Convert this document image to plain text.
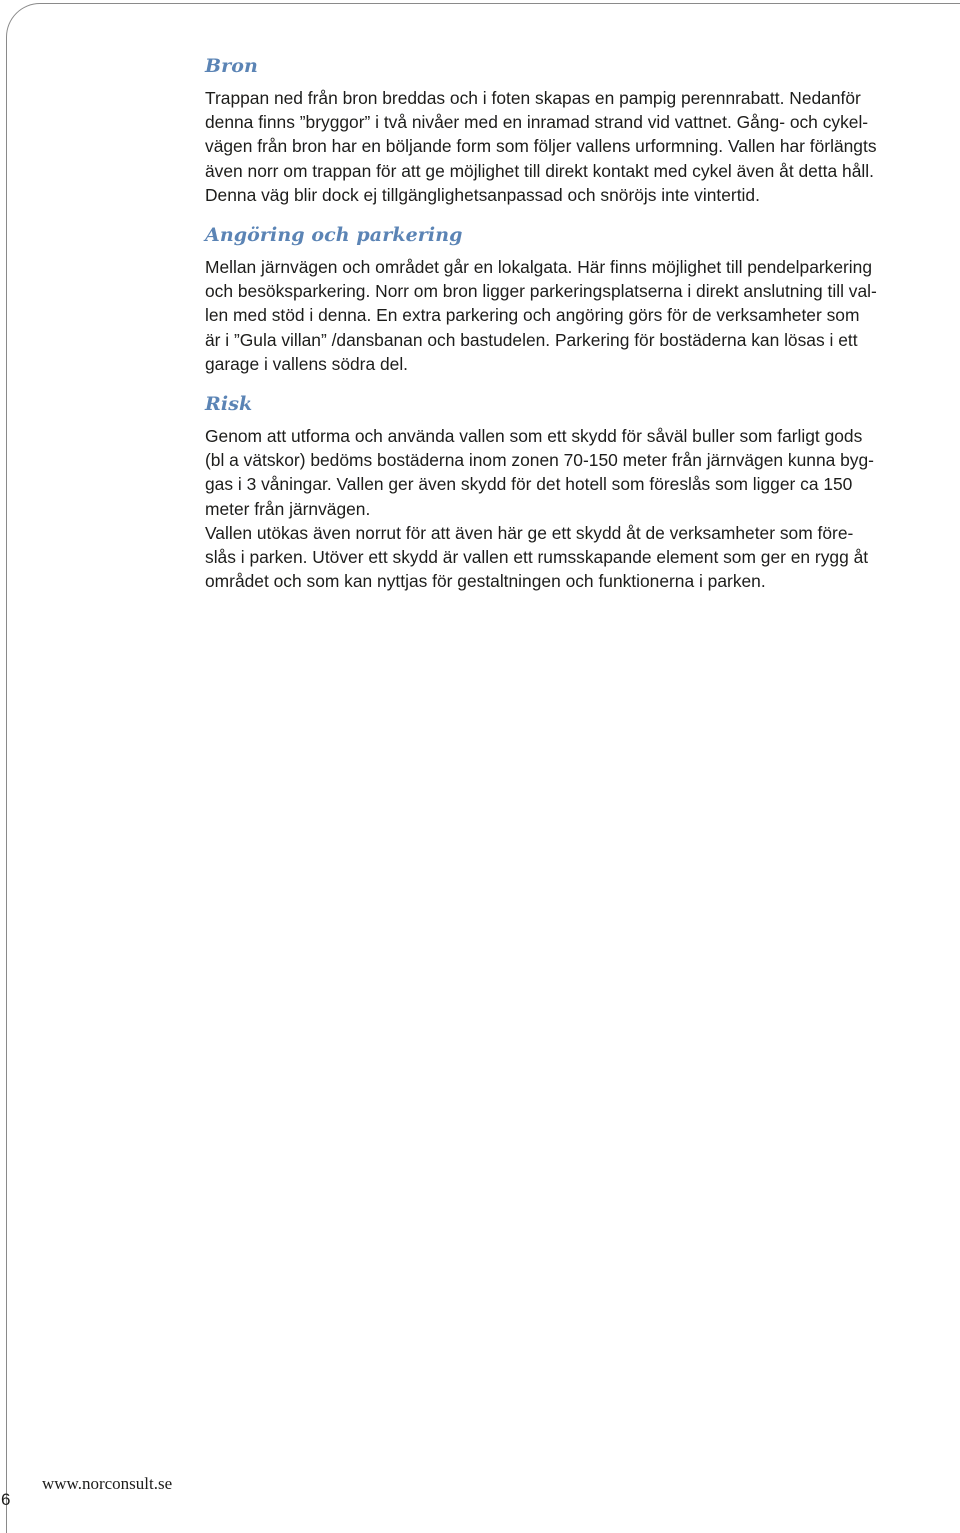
Bron

Trappan ned från bron breddas och i foten skapas en pampig perennrabatt. Nedanför
denna finns ”bryggor” i två nivåer med en inramad strand vid vattnet. Gång- och cykel-
vägen från bron har en böljande form som följer vallens urformning. Vallen har förlängts
även norr om trappan för att ge möjlighet till direkt kontakt med cykel även åt detta håll.
Denna väg blir dock ej tillgänglighetsanpassad och snöröjs inte vintertid.

Angöring och parkering

Mellan järnvägen och området går en lokalgata. Här finns möjlighet till pendelparkering
och besöksparkering. Norr om bron ligger parkeringsplatserna i direkt anslutning till val-
len med stöd i denna. En extra parkering och angöring görs för de verksamheter som
är i ”Gula villan” /dansbanan och bastudelen. Parkering för bostäderna kan lösas i ett
garage i vallens södra del.

Risk

Genom att utforma och använda vallen som ett skydd för såväl buller som farligt gods
(bl a vätskor) bedöms bostäderna inom zonen 70-150 meter från järnvägen kunna byg-
gas i 3 våningar. Vallen ger även skydd för det hotell som föreslås som ligger ca 150
meter från järnvägen.
Vallen utökas även norrut för att även här ge ett skydd åt de verksamheter som före-
slås i parken. Utöver ett skydd är vallen ett rumsskapande element som ger en rygg åt
området och som kan nyttjas för gestaltningen och funktionerna i parken.

www.norconsult.se
6
